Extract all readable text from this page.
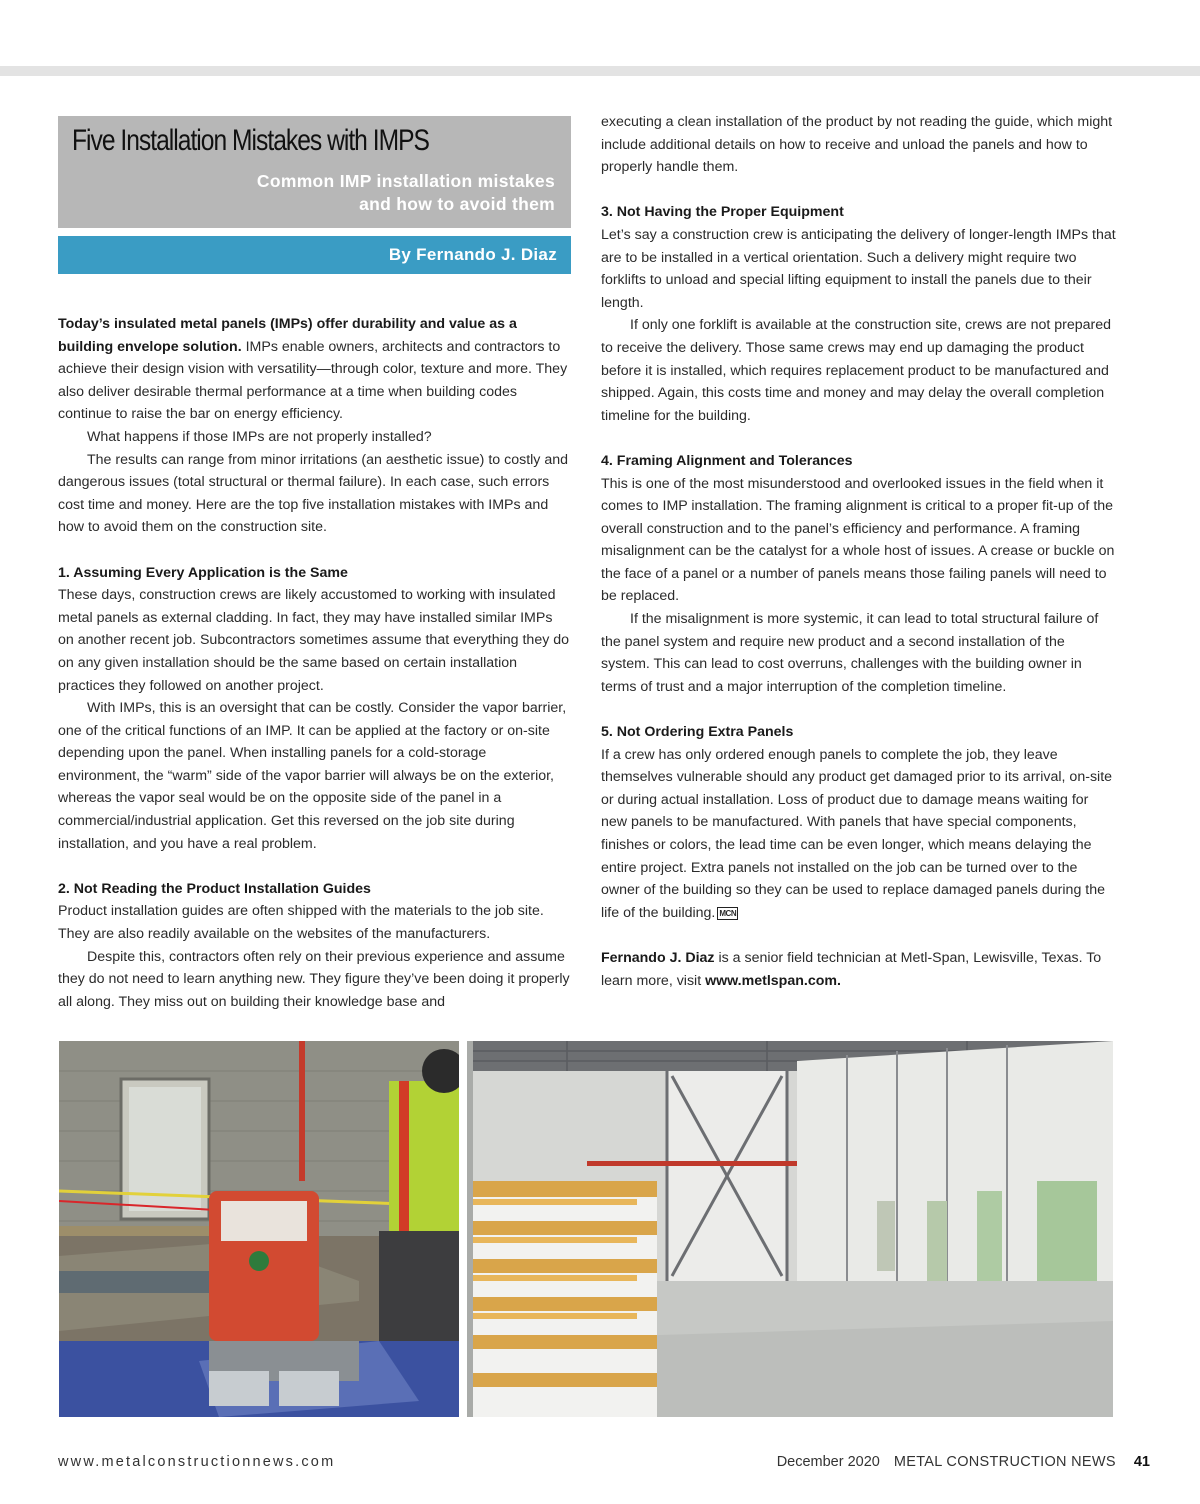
Five Installation Mistakes with IMPS
Common IMP installation mistakes
and how to avoid them
By Fernando J. Diaz

Today’s insulated metal panels (IMPs) offer durability and value as a building envelope solution. IMPs enable owners, architects and contractors to achieve their design vision with versatility—through color, texture and more. They also deliver desirable thermal performance at a time when building codes continue to raise the bar on energy efficiency.

What happens if those IMPs are not properly installed?

The results can range from minor irritations (an aesthetic issue) to costly and dangerous issues (total structural or thermal failure). In each case, such errors cost time and money. Here are the top five installation mistakes with IMPs and how to avoid them on the construction site.

1. Assuming Every Application is the Same

These days, construction crews are likely accustomed to working with insulated metal panels as external cladding. In fact, they may have installed similar IMPs on another recent job. Subcontractors sometimes assume that everything they do on any given installation should be the same based on certain installation practices they followed on another project.

With IMPs, this is an oversight that can be costly. Consider the vapor barrier, one of the critical functions of an IMP. It can be applied at the factory or on-site depending upon the panel. When installing panels for a cold-storage environment, the “warm” side of the vapor barrier will always be on the exterior, whereas the vapor seal would be on the opposite side of the panel in a commercial/industrial application. Get this reversed on the job site during installation, and you have a real problem.

2. Not Reading the Product Installation Guides

Product installation guides are often shipped with the materials to the job site. They are also readily available on the websites of the manufacturers.

Despite this, contractors often rely on their previous experience and assume they do not need to learn anything new. They figure they’ve been doing it properly all along. They miss out on building their knowledge base and

executing a clean installation of the product by not reading the guide, which might include additional details on how to receive and unload the panels and how to properly handle them.

3. Not Having the Proper Equipment

Let’s say a construction crew is anticipating the delivery of longer-length IMPs that are to be installed in a vertical orientation. Such a delivery might require two forklifts to unload and special lifting equipment to install the panels due to their length.

If only one forklift is available at the construction site, crews are not prepared to receive the delivery. Those same crews may end up damaging the product before it is installed, which requires replacement product to be manufactured and shipped. Again, this costs time and money and may delay the overall completion timeline for the building.

4. Framing Alignment and Tolerances

This is one of the most misunderstood and overlooked issues in the field when it comes to IMP installation. The framing alignment is critical to a proper fit-up of the overall construction and to the panel’s efficiency and performance. A framing misalignment can be the catalyst for a whole host of issues. A crease or buckle on the face of a panel or a number of panels means those failing panels will need to be replaced.

If the misalignment is more systemic, it can lead to total structural failure of the panel system and require new product and a second installation of the system. This can lead to cost overruns, challenges with the building owner in terms of trust and a major interruption of the completion timeline.

5. Not Ordering Extra Panels

If a crew has only ordered enough panels to complete the job, they leave themselves vulnerable should any product get damaged prior to its arrival, on-site or during actual installation. Loss of product due to damage means waiting for new panels to be manufactured. With panels that have special components, finishes or colors, the lead time can be even longer, which means delaying the entire project. Extra panels not installed on the job can be turned over to the owner of the building so they can be used to replace damaged panels during the life of the building. MCN

Fernando J. Diaz is a senior field technician at Metl-Span, Lewisville, Texas. To learn more, visit www.metlspan.com.

www.metalconstructionnews.com	December 2020 METAL CONSTRUCTION NEWS 41
